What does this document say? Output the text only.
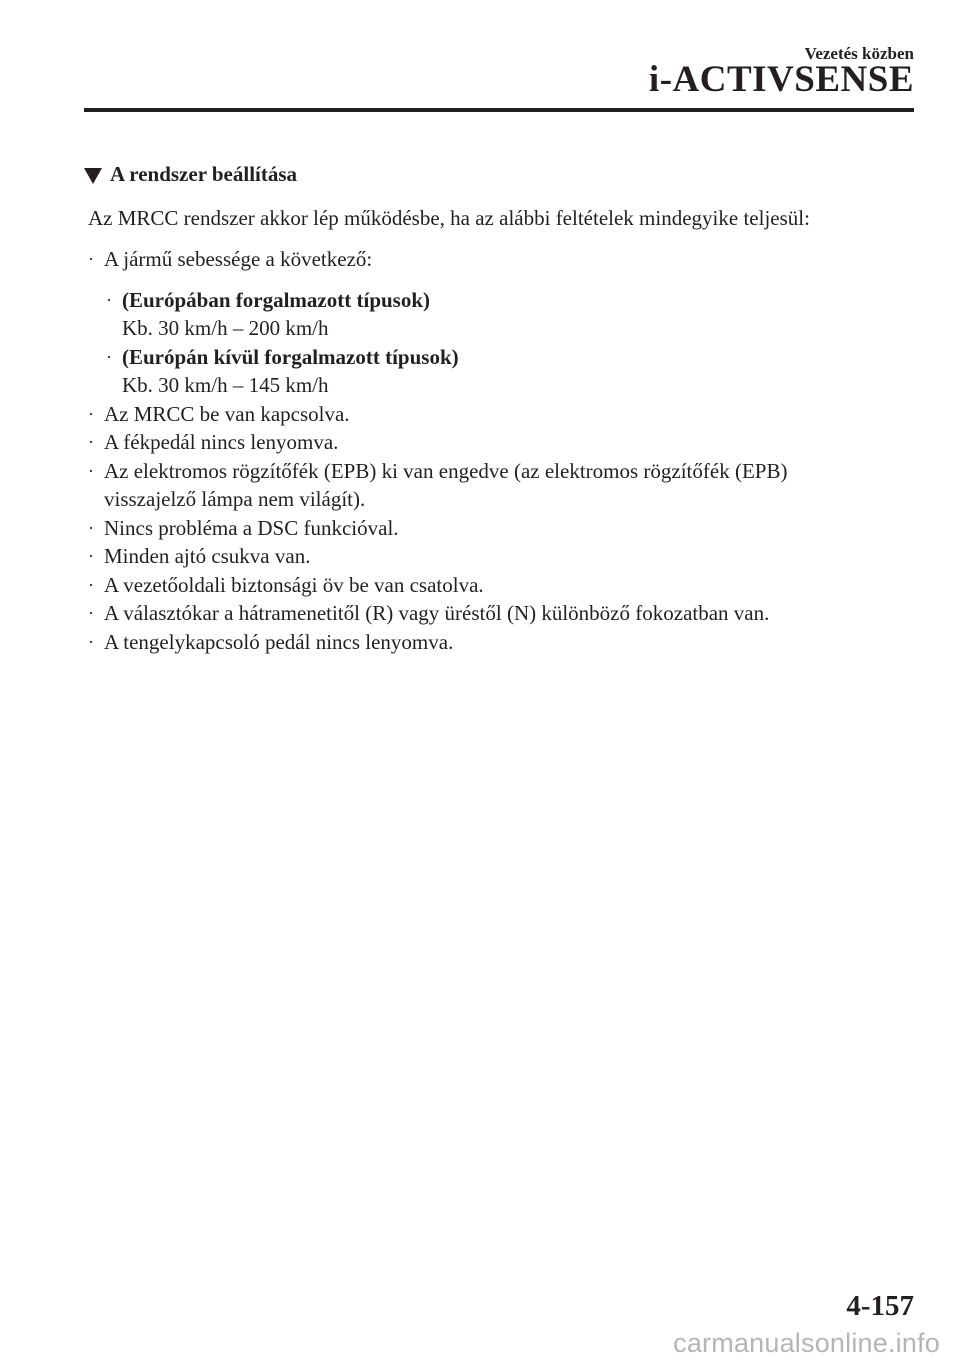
Vezetés közben
i-ACTIVSENSE
A rendszer beállítása
Az MRCC rendszer akkor lép működésbe, ha az alábbi feltételek mindegyike teljesül:
· A jármű sebessége a következő:
· (Európában forgalmazott típusok)
Kb. 30 km/h – 200 km/h
· (Európán kívül forgalmazott típusok)
Kb. 30 km/h – 145 km/h
· Az MRCC be van kapcsolva.
· A fékpedál nincs lenyomva.
· Az elektromos rögzítőfék (EPB) ki van engedve (az elektromos rögzítőfék (EPB)
visszajelző lámpa nem világít).
· Nincs probléma a DSC funkcióval.
· Minden ajtó csukva van.
· A vezetőoldali biztonsági öv be van csatolva.
· A választókar a hátramenetitől (R) vagy üréstől (N) különböző fokozatban van.
· A tengelykapcsoló pedál nincs lenyomva.
4-157
carmanualsonline.info
